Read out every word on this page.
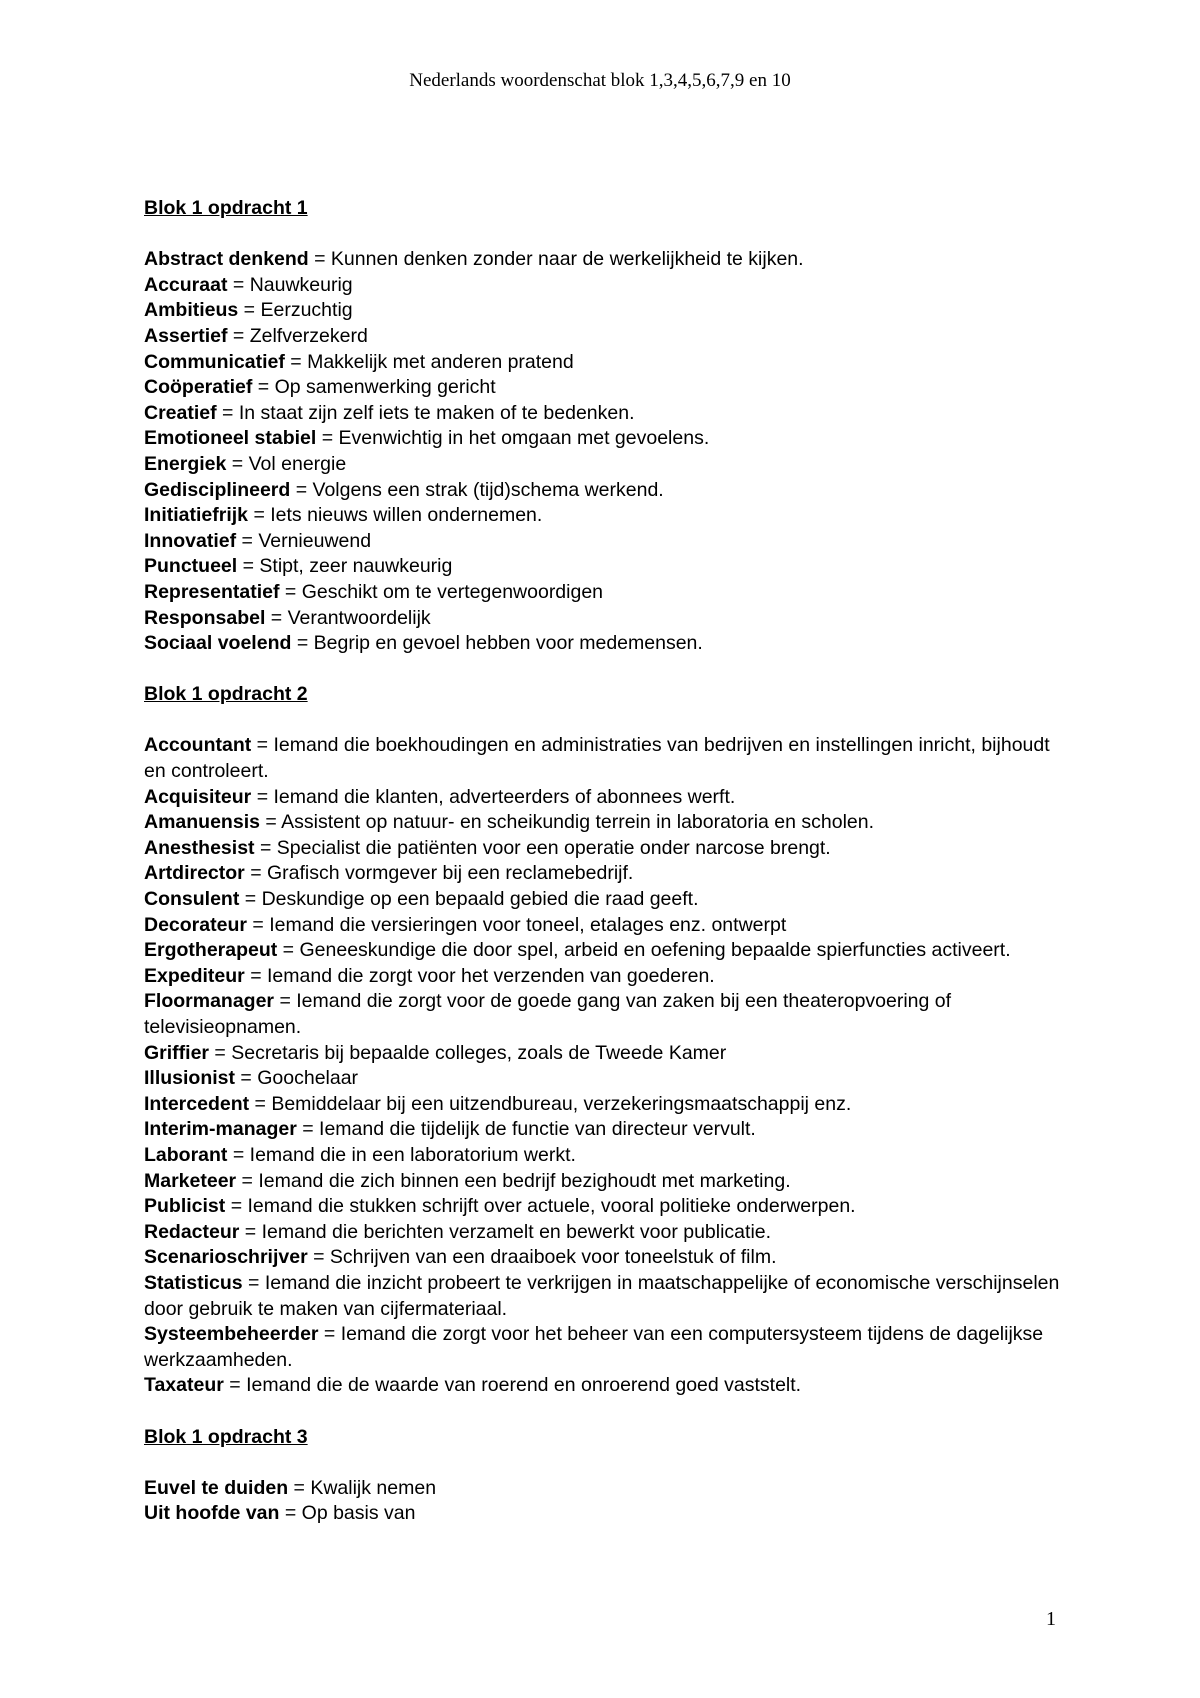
Nederlands woordenschat blok 1,3,4,5,6,7,9 en 10

Blok 1 opdracht 1

Abstract denkend = Kunnen denken zonder naar de werkelijkheid te kijken.

Accuraat = Nauwkeurig

Ambitieus = Eerzuchtig

Assertief = Zelfverzekerd

Communicatief = Makkelijk met anderen pratend

Coöperatief = Op samenwerking gericht

Creatief = In staat zijn zelf iets te maken of te bedenken.

Emotioneel stabiel = Evenwichtig in het omgaan met gevoelens.

Energiek = Vol energie

Gedisciplineerd = Volgens een strak (tijd)schema werkend.

Initiatiefrijk = Iets nieuws willen ondernemen.

Innovatief = Vernieuwend

Punctueel = Stipt, zeer nauwkeurig

Representatief = Geschikt om te vertegenwoordigen

Responsabel = Verantwoordelijk

Sociaal voelend = Begrip en gevoel hebben voor medemensen.

Blok 1 opdracht 2

Accountant = Iemand die boekhoudingen en administraties van bedrijven en instellingen inricht, bijhoudt en controleert.

Acquisiteur = Iemand die klanten, adverteerders of abonnees werft.

Amanuensis = Assistent op natuur- en scheikundig terrein in laboratoria en scholen.

Anesthesist = Specialist die patiënten voor een operatie onder narcose brengt.

Artdirector = Grafisch vormgever bij een reclamebedrijf.

Consulent = Deskundige op een bepaald gebied die raad geeft.

Decorateur = Iemand die versieringen voor toneel, etalages enz. ontwerpt

Ergotherapeut = Geneeskundige die door spel, arbeid en oefening bepaalde spierfuncties activeert.

Expediteur = Iemand die zorgt voor het verzenden van goederen.

Floormanager = Iemand die zorgt voor de goede gang van zaken bij een theateropvoering of televisieopnamen.

Griffier = Secretaris bij bepaalde colleges, zoals de Tweede Kamer

Illusionist = Goochelaar

Intercedent = Bemiddelaar bij een uitzendbureau, verzekeringsmaatschappij enz.

Interim-manager = Iemand die tijdelijk de functie van directeur vervult.

Laborant = Iemand die in een laboratorium werkt.

Marketeer = Iemand die zich binnen een bedrijf bezighoudt met marketing.

Publicist = Iemand die stukken schrijft over actuele, vooral politieke onderwerpen.

Redacteur = Iemand die berichten verzamelt en bewerkt voor publicatie.

Scenarioschrijver = Schrijven van een draaiboek voor toneelstuk of film.

Statisticus = Iemand die inzicht probeert te verkrijgen in maatschappelijke of economische verschijnselen door gebruik te maken van cijfermateriaal.

Systeembeheerder = Iemand die zorgt voor het beheer van een computersysteem tijdens de dagelijkse werkzaamheden.

Taxateur = Iemand die de waarde van roerend en onroerend goed vaststelt.

Blok 1 opdracht 3

Euvel te duiden = Kwalijk nemen

Uit hoofde van = Op basis van

1
